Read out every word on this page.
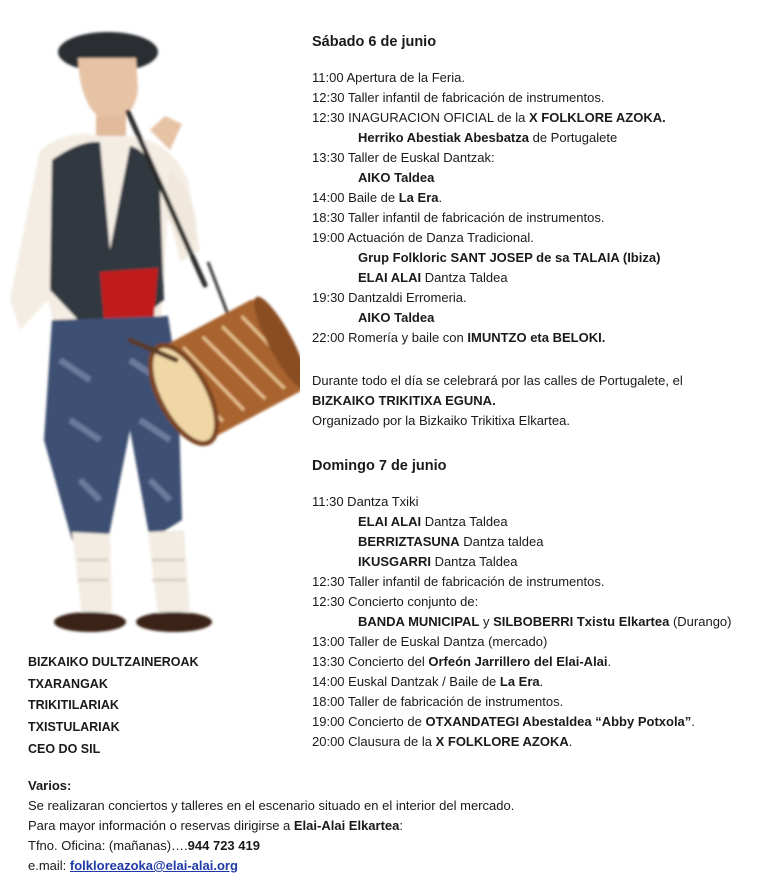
Sábado 6 de junio
11:00 Apertura de la Feria.
12:30 Taller infantil de fabricación de instrumentos.
12:30 INAGURACION OFICIAL de la X FOLKLORE AZOKA.
Herriko Abestiak Abesbatza de Portugalete
13:30 Taller de Euskal Dantzak:
AIKO Taldea
14:00 Baile de La Era.
18:30 Taller infantil de fabricación de instrumentos.
19:00 Actuación de Danza Tradicional.
Grup Folkloric SANT JOSEP de sa TALAIA (Ibiza)
ELAI ALAI Dantza Taldea
19:30 Dantzaldi Erromeria.
AIKO Taldea
22:00 Romería y baile con IMUNTZO eta BELOKI.
Durante todo el día se celebrará por las calles de Portugalete, el
BIZKAIKO TRIKITIXA EGUNA.
Organizado por la Bizkaiko Trikitixa Elkartea.
Domingo 7 de junio
11:30 Dantza Txiki
ELAI ALAI Dantza Taldea
BERRIZTASUNA Dantza taldea
IKUSGARRI Dantza Taldea
12:30 Taller infantil de fabricación de instrumentos.
12:30 Concierto conjunto de:
BANDA MUNICIPAL y SILBOBERRI Txistu Elkartea (Durango)
13:00 Taller de Euskal Dantza (mercado)
13:30 Concierto del Orfeón Jarrillero del Elai-Alai.
14:00 Euskal Dantzak / Baile de La Era.
18:00 Taller de fabricación de instrumentos.
19:00 Concierto de OTXANDATEGI Abestaldea “Abby Potxola”.
20:00 Clausura de la X FOLKLORE AZOKA.
BIZKAIKO DULTZAINEROAK
TXARANGAK
TRIKITILARIAK
TXISTULARIAK
CEO DO SIL
Varios:
Se realizaran conciertos y talleres en el escenario situado en el interior del mercado.
Para mayor información o reservas dirigirse a Elai-Alai Elkartea:
Tfno. Oficina: (mañanas)….944 723 419
e.mail: folkloreazoka@elai-alai.org
